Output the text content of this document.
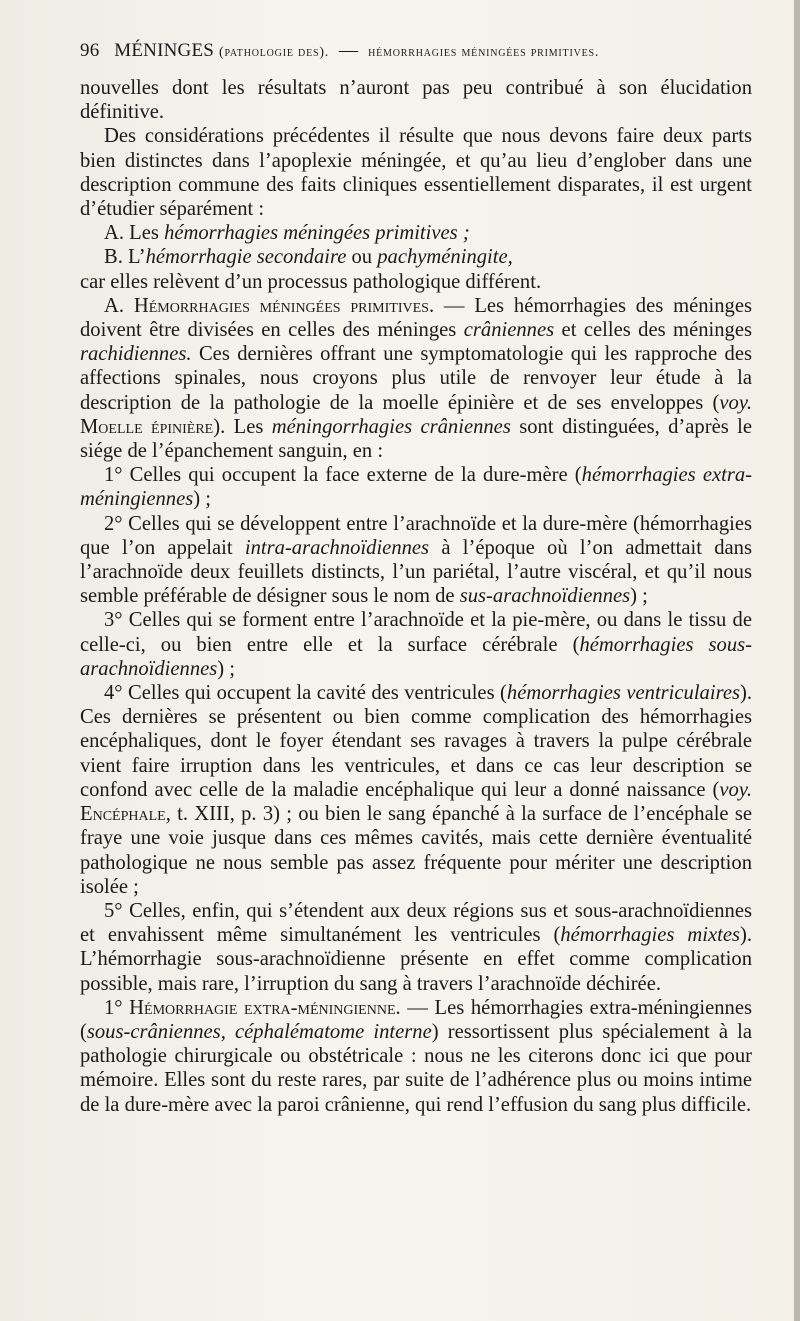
96 MÉNINGES (pathologie des). — hémorrhagies méningées primitives.

nouvelles dont les résultats n’auront pas peu contribué à son élucidation définitive.

Des considérations précédentes il résulte que nous devons faire deux parts bien distinctes dans l’apoplexie méningée, et qu’au lieu d’englober dans une description commune des faits cliniques essentiellement disparates, il est urgent d’étudier séparément :

A. Les hémorrhagies méningées primitives ;

B. L’hémorrhagie secondaire ou pachyméningite,

car elles relèvent d’un processus pathologique différent.

A. Hémorrhagies méningées primitives. — Les hémorrhagies des méninges doivent être divisées en celles des méninges crâniennes et celles des méninges rachidiennes. Ces dernières offrant une symptomatologie qui les rapproche des affections spinales, nous croyons plus utile de renvoyer leur étude à la description de la pathologie de la moelle épinière et de ses enveloppes (voy. Moelle épinière). Les méningorrhagies crâniennes sont distinguées, d’après le siége de l’épanchement sanguin, en :

1° Celles qui occupent la face externe de la dure-mère (hémorrhagies extra-méningiennes) ;

2° Celles qui se développent entre l’arachnoïde et la dure-mère (hémorrhagies que l’on appelait intra-arachnoïdiennes à l’époque où l’on admettait dans l’arachnoïde deux feuillets distincts, l’un pariétal, l’autre viscéral, et qu’il nous semble préférable de désigner sous le nom de sus-arachnoïdiennes) ;

3° Celles qui se forment entre l’arachnoïde et la pie-mère, ou dans le tissu de celle-ci, ou bien entre elle et la surface cérébrale (hémorrhagies sous-arachnoïdiennes) ;

4° Celles qui occupent la cavité des ventricules (hémorrhagies ventriculaires). Ces dernières se présentent ou bien comme complication des hémorrhagies encéphaliques, dont le foyer étendant ses ravages à travers la pulpe cérébrale vient faire irruption dans les ventricules, et dans ce cas leur description se confond avec celle de la maladie encéphalique qui leur a donné naissance (voy. Encéphale, t. XIII, p. 3) ; ou bien le sang épanché à la surface de l’encéphale se fraye une voie jusque dans ces mêmes cavités, mais cette dernière éventualité pathologique ne nous semble pas assez fréquente pour mériter une description isolée ;

5° Celles, enfin, qui s’étendent aux deux régions sus et sous-arachnoïdiennes et envahissent même simultanément les ventricules (hémorrhagies mixtes). L’hémorrhagie sous-arachnoïdienne présente en effet comme complication possible, mais rare, l’irruption du sang à travers l’arachnoïde déchirée.

1° Hémorrhagie extra-méningienne. — Les hémorrhagies extra-méningiennes (sous-crâniennes, céphalématome interne) ressortissent plus spécialement à la pathologie chirurgicale ou obstétricale : nous ne les citerons donc ici que pour mémoire. Elles sont du reste rares, par suite de l’adhérence plus ou moins intime de la dure-mère avec la paroi crânienne, qui rend l’effusion du sang plus difficile.
